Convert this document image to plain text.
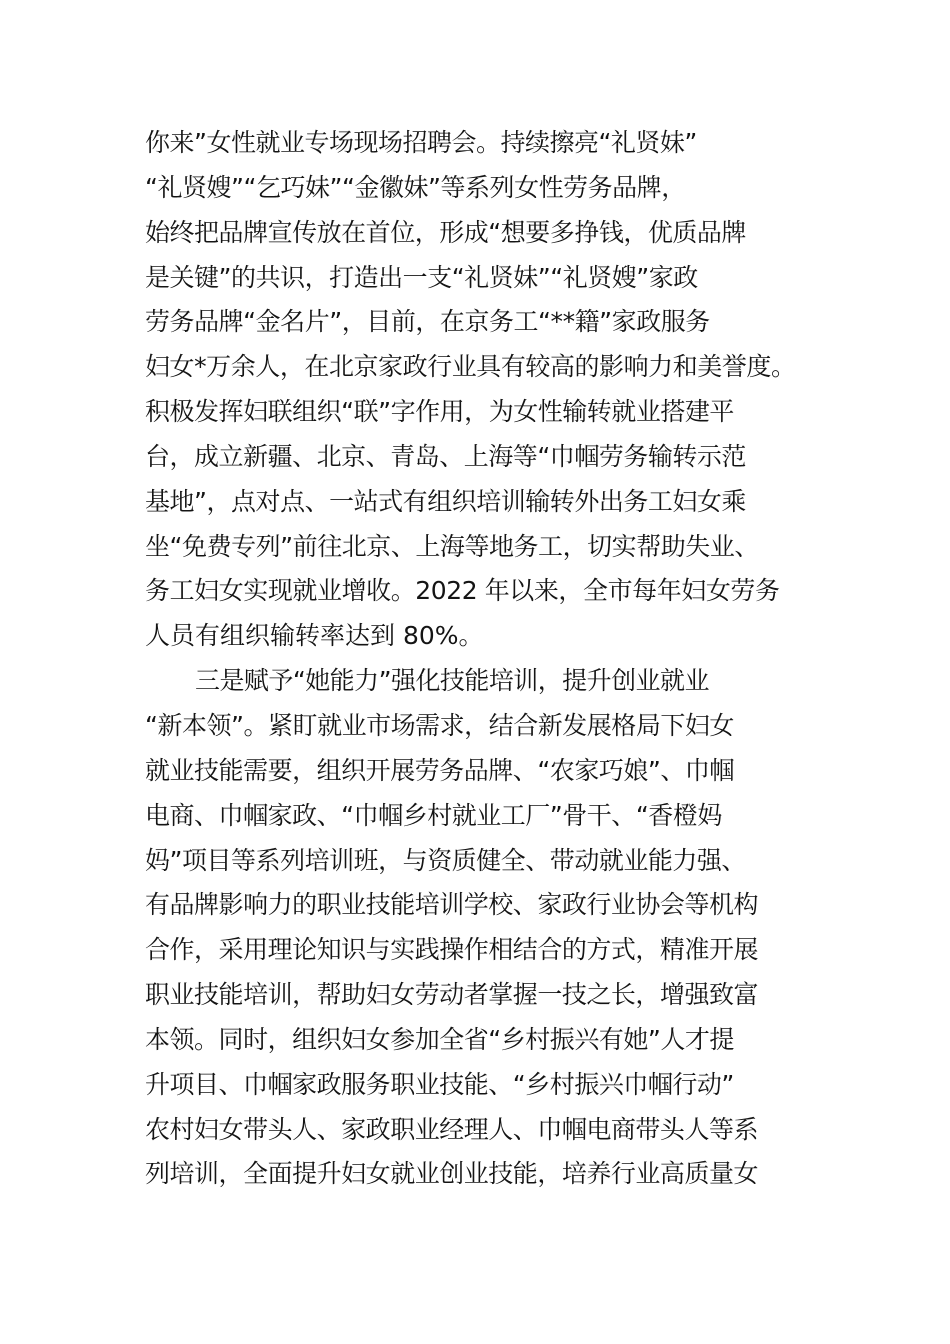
你来”女性就业专场现场招聘会。持续擦亮“礼贤妹”
“礼贤嫂”“乞巧妹”“金徽妹”等系列女性劳务品牌，
始终把品牌宣传放在首位，形成“想要多挣钱，优质品牌
是关键”的共识，打造出一支“礼贤妹”“礼贤嫂”家政
劳务品牌“金名片”，目前，在京务工“**籍”家政服务
妇女*万余人，在北京家政行业具有较高的影响力和美誉度。
积极发挥妇联组织“联”字作用，为女性输转就业搭建平
台，成立新疆、北京、青岛、上海等“巾帼劳务输转示范
基地”，点对点、一站式有组织培训输转外出务工妇女乘
坐“免费专列”前往北京、上海等地务工，切实帮助失业、
务工妇女实现就业增收。2022 年以来，全市每年妇女劳务
人员有组织输转率达到 80%。
三是赋予“她能力”强化技能培训，提升创业就业
“新本领”。紧盯就业市场需求，结合新发展格局下妇女
就业技能需要，组织开展劳务品牌、“农家巧娘”、巾帼
电商、巾帼家政、“巾帼乡村就业工厂”骨干、“香橙妈
妈”项目等系列培训班，与资质健全、带动就业能力强、
有品牌影响力的职业技能培训学校、家政行业协会等机构
合作，采用理论知识与实践操作相结合的方式，精准开展
职业技能培训，帮助妇女劳动者掌握一技之长，增强致富
本领。同时，组织妇女参加全省“乡村振兴有她”人才提
升项目、巾帼家政服务职业技能、“乡村振兴巾帼行动”
农村妇女带头人、家政职业经理人、巾帼电商带头人等系
列培训，全面提升妇女就业创业技能，培养行业高质量女
